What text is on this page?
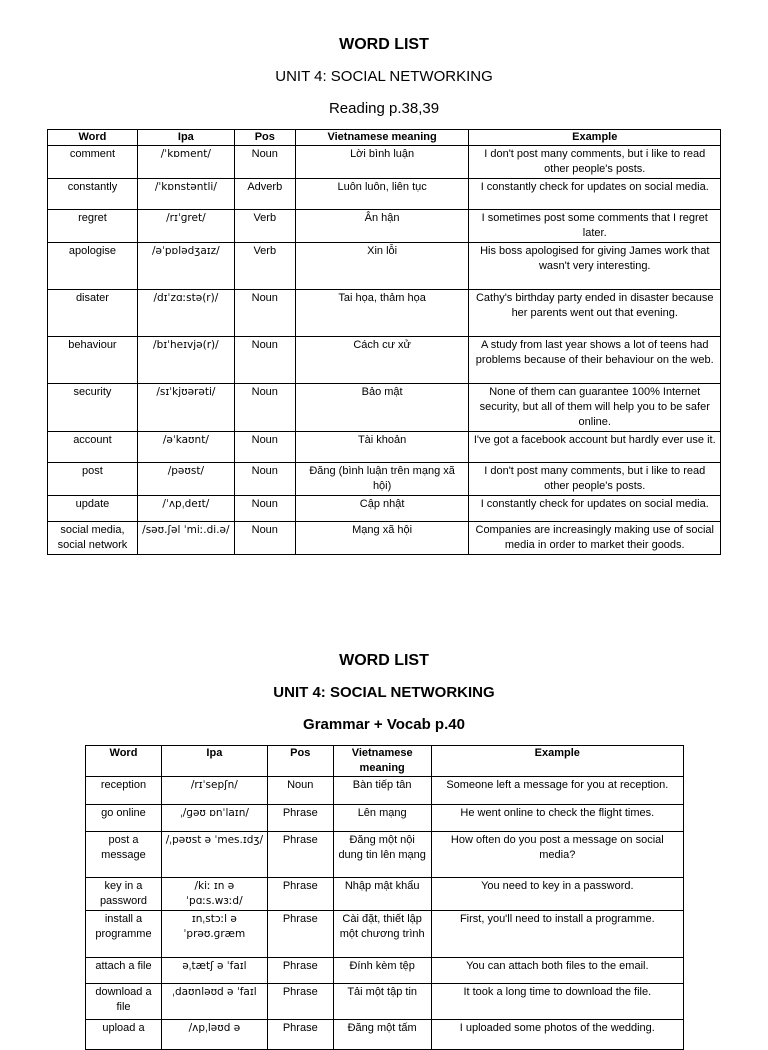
WORD LIST
UNIT 4: SOCIAL NETWORKING
Reading p.38,39
Word	Ipa	Pos	Vietnamese meaning	Example
comment	/ˈkɒment/	Noun	Lời bình luận	I don't post many comments, but i like to read other people's posts.
constantly	/ˈkɒnstəntli/	Adverb	Luôn luôn, liên tục	I constantly check for updates on social media.
regret	/rɪˈɡret/	Verb	Ân hận	I sometimes post some comments that I regret later.
apologise	/əˈpɒlədʒaɪz/	Verb	Xin lỗi	His boss apologised for giving James work that wasn't very interesting.
disater	/dɪˈzɑːstə(r)/	Noun	Tai họa, thảm họa	Cathy's birthday party ended in disaster because her parents went out that evening.
behaviour	/bɪˈheɪvjə(r)/	Noun	Cách cư xử	A study from last year shows a lot of teens had problems because of their behaviour on the web.
security	/sɪˈkjʊərəti/	Noun	Bảo mật	None of them can guarantee 100% Internet security, but all of them will help you to be safer online.
account	/əˈkaʊnt/	Noun	Tài khoản	I've got a facebook account but hardly ever use it.
post	/pəʊst/	Noun	Đăng (bình luận trên mạng xã hội)	I don't post many comments, but i like to read other people's posts.
update	/ˈʌpˌdeɪt/	Noun	Cập nhật	I constantly check for updates on social media.
social media, social network	/səʊ.ʃəl ˈmiː.di.ə/	Noun	Mạng xã hội	Companies are increasingly making use of social media in order to market their goods.
WORD LIST
UNIT 4: SOCIAL NETWORKING
Grammar + Vocab p.40
Word	Ipa	Pos	Vietnamese meaning	Example
reception	/rɪˈsepʃn/	Noun	Bàn tiếp tân	Someone left a message for you at reception.
go online	ˌ/ɡəʊ ɒnˈlaɪn/	Phrase	Lên mạng	He went online to check the flight times.
post a message	/ˌpəʊst ə ˈmes.ɪdʒ/	Phrase	Đăng một nội dung tin lên mạng	How often do you post a message on social media?
key in a password	/kiː ɪn ə ˈpɑːs.wɜːd/	Phrase	Nhập mật khẩu	You need to key in a password.
install a programme	ɪnˌstɔːl ə ˈprəʊ.ɡræm	Phrase	Cài đặt, thiết lập một chương trình	First, you'll need to install a programme.
attach a file	əˌtætʃ ə ˈfaɪl	Phrase	Đính kèm tệp	You can attach both files to the email.
download a file	ˌdaʊnləʊd ə ˈfaɪl	Phrase	Tải một tập tin	It took a long time to download the file.
upload a	/ʌpˌləʊd ə	Phrase	Đăng một tấm	I uploaded some photos of the wedding.
